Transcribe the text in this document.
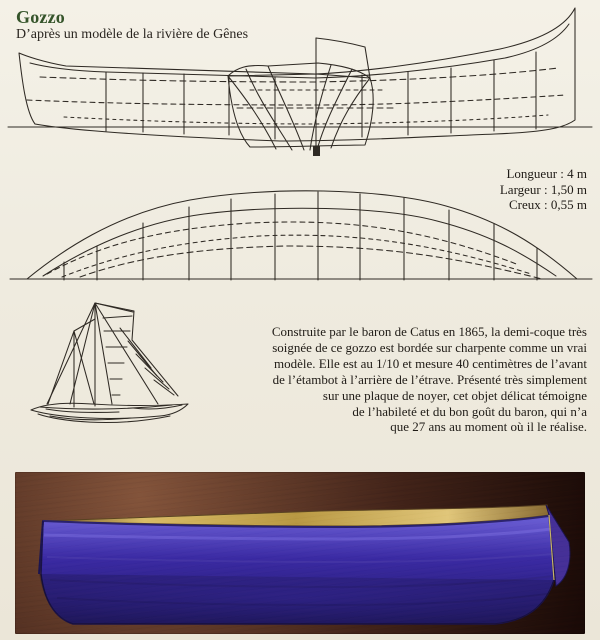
Gozzo
D’après un modèle de la rivière de Gênes
Longueur : 4 m
Largeur : 1,50 m
Creux : 0,55 m
Construite par le baron de Catus en 1865, la demi-coque très
soignée de ce gozzo est bordée sur charpente comme un vrai
modèle. Elle est au 1/10 et mesure 40 centimètres de l’avant
de l’étambot à l’arrière de l’étrave. Présenté très simplement
sur une plaque de noyer, cet objet délicat témoigne
de l’habileté et du bon goût du baron, qui n’a
que 27 ans au moment où il le réalise.
